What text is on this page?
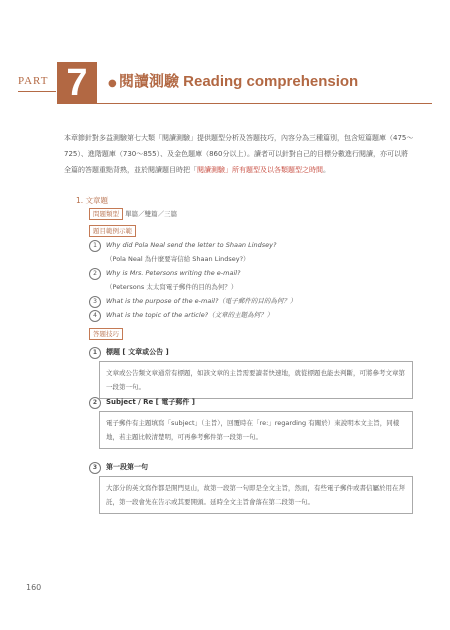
PART 7	● 閱讀測驗 Reading comprehension
本章節針對多益測驗第七大類「閱讀測驗」提供題型分析及答題技巧，內容分為三種篇別，包含短篇題庫（475～725）、進階題庫（730～855）、及金色題庫（860分以上）。讀者可以針對自己的目標分數進行閱讀，亦可以將全篇的答題重點背熟，並於閱讀題目時把「閱讀測驗」所有題型及以各類題型之時間。
1. 文章題
問題類型 單篇／雙篇／三篇
題目範例示範
1 Why did Pola Neal send the letter to Shaan Lindsey?
（Pola Neal 為什麼要寄信給 Shaan Lindsey?）
2 Why is Mrs. Petersons writing the e-mail?
（Petersons 太太寫電子郵件的目的為何？）
3 What is the purpose of the e-mail?（電子郵件的目的為何？）
4 What is the topic of the article?（文章的主題為何？）
答題技巧
1 標題 [ 文章或公告 ]
文章或公告類文章通常有標題，如該文章的主旨需要讀者快速地，就從標題也能去判斷，可將參考文章第一段第一句。
2 Subject / Re [ 電子郵件 ]
電子郵件有主題填寫「subject」（主旨），回覆時在「re:」regarding 有關於）來說明本文主旨，同樣地，若主題比較清楚明，可再參考郵件第一段第一句。
3 第一段第一句
大部分的英文寫作都是開門見山，故第一段第一句即是全文主旨，然而，有些電子郵件或書信屬於用在拜託，第一段會先在告示或其要開頭。延時全文主旨會落在第二段第一句。
160
